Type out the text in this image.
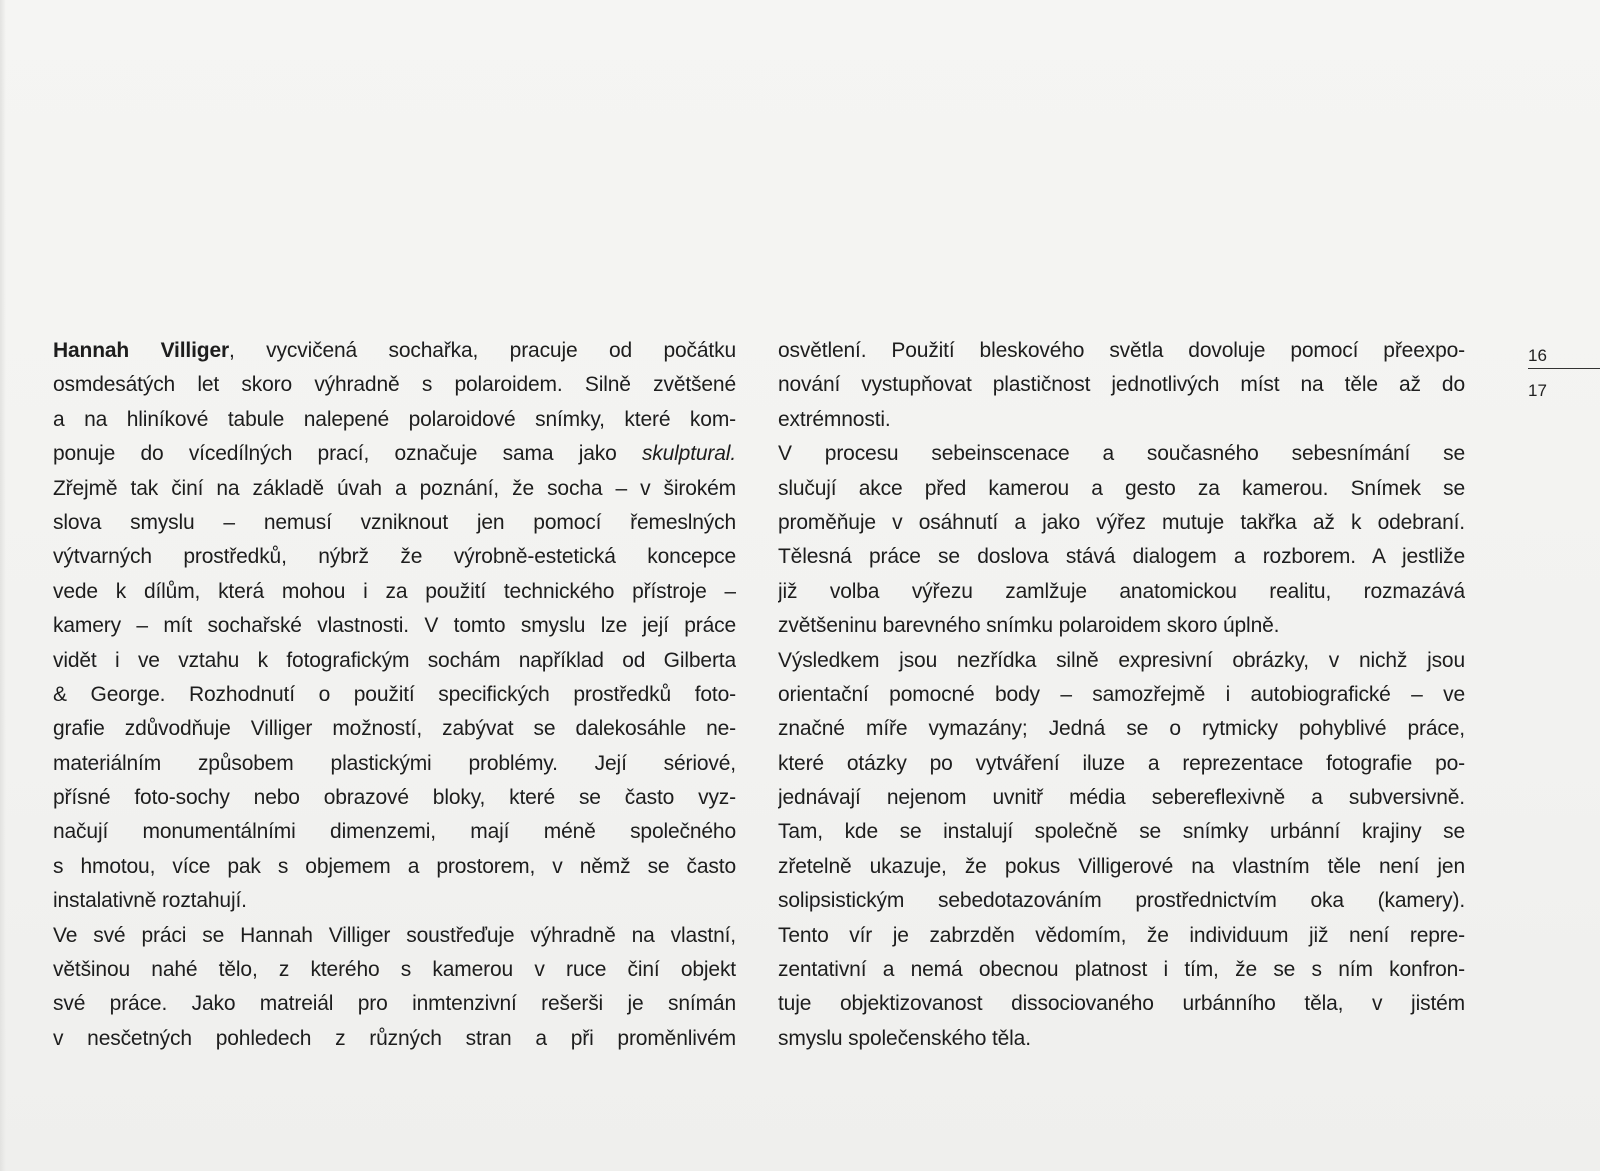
Hannah Villiger, vycvičená sochařka, pracuje od počátku
osmdesátých let skoro výhradně s polaroidem. Silně zvětšené
a na hliníkové tabule nalepené polaroidové snímky, které kom-
ponuje do vícedílných prací, označuje sama jako skulptural.
Zřejmě tak činí na základě úvah a poznání, že socha – v širokém
slova smyslu – nemusí vzniknout jen pomocí řemeslných
výtvarných prostředků, nýbrž že výrobně-estetická koncepce
vede k dílům, která mohou i za použití technického přístroje –
kamery – mít sochařské vlastnosti. V tomto smyslu lze její práce
vidět i ve vztahu k fotografickým sochám například od Gilberta
& George. Rozhodnutí o použití specifických prostředků foto-
grafie zdůvodňuje Villiger možností, zabývat se dalekosáhle ne-
materiálním způsobem plastickými problémy. Její sériové,
přísné foto-sochy nebo obrazové bloky, které se často vyz-
načují monumentálními dimenzemi, mají méně společného
s hmotou, více pak s objemem a prostorem, v němž se často
instalativně roztahují.
Ve své práci se Hannah Villiger soustřeďuje výhradně na vlastní,
většinou nahé tělo, z kterého s kamerou v ruce činí objekt
své práce. Jako matreiál pro inmtenzivní rešerši je snímán
v nesčetných pohledech z různých stran a při proměnlivém
osvětlení. Použití bleskového světla dovoluje pomocí přeexpo-
nování vystupňovat plastičnost jednotlivých míst na těle až do
extrémnosti.
V procesu sebeinscenace a současného sebesnímání se
slučují akce před kamerou a gesto za kamerou. Snímek se
proměňuje v osáhnutí a jako výřez mutuje takřka až k odebraní.
Tělesná práce se doslova stává dialogem a rozborem. A jestliže
již volba výřezu zamlžuje anatomickou realitu, rozmazává
zvětšeninu barevného snímku polaroidem skoro úplně.
Výsledkem jsou nezřídka silně expresivní obrázky, v nichž jsou
orientační pomocné body – samozřejmě i autobiografické – ve
značné míře vymazány; Jedná se o rytmicky pohyblivé práce,
které otázky po vytváření iluze a reprezentace fotografie po-
jednávají nejenom uvnitř média sebereflexivně a subversivně.
Tam, kde se instalují společně se snímky urbánní krajiny se
zřetelně ukazuje, že pokus Villigerové na vlastním těle není jen
solipsistickým sebedotazováním prostřednictvím oka (kamery).
Tento vír je zabrzděn vědomím, že individuum již není repre-
zentativní a nemá obecnou platnost i tím, že se s ním konfron-
tuje objektizovanost dissociovaného urbánního těla, v jistém
smyslu společenského těla.
16
17
